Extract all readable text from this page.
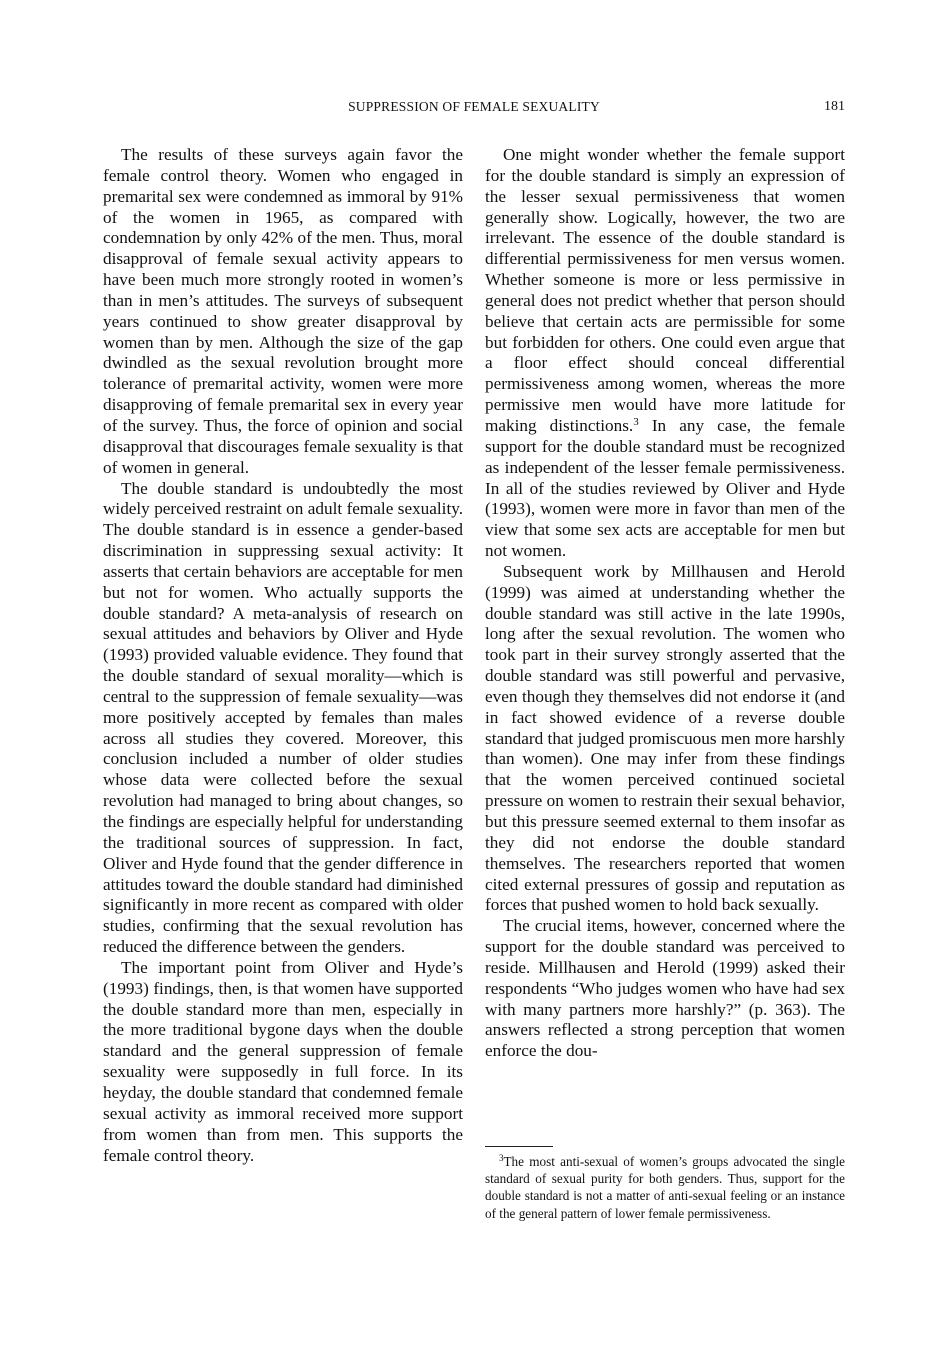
SUPPRESSION OF FEMALE SEXUALITY	181

The results of these surveys again favor the female control theory. Women who engaged in premarital sex were condemned as immoral by 91% of the women in 1965, as compared with condemnation by only 42% of the men. Thus, moral disapproval of female sexual activity appears to have been much more strongly rooted in women’s than in men’s attitudes. The surveys of subsequent years continued to show greater disapproval by women than by men. Although the size of the gap dwindled as the sexual revolution brought more tolerance of premarital activity, women were more disapproving of female premarital sex in every year of the survey. Thus, the force of opinion and social disapproval that discourages female sexuality is that of women in general.

The double standard is undoubtedly the most widely perceived restraint on adult female sexuality. The double standard is in essence a gender-based discrimination in suppressing sexual activity: It asserts that certain behaviors are acceptable for men but not for women. Who actually supports the double standard? A meta-analysis of research on sexual attitudes and behaviors by Oliver and Hyde (1993) provided valuable evidence. They found that the double standard of sexual morality—which is central to the suppression of female sexuality—was more positively accepted by females than males across all studies they covered. Moreover, this conclusion included a number of older studies whose data were collected before the sexual revolution had managed to bring about changes, so the findings are especially helpful for understanding the traditional sources of suppression. In fact, Oliver and Hyde found that the gender difference in attitudes toward the double standard had diminished significantly in more recent as compared with older studies, confirming that the sexual revolution has reduced the difference between the genders.

The important point from Oliver and Hyde’s (1993) findings, then, is that women have supported the double standard more than men, especially in the more traditional bygone days when the double standard and the general suppression of female sexuality were supposedly in full force. In its heyday, the double standard that condemned female sexual activity as immoral received more support from women than from men. This supports the female control theory.

One might wonder whether the female support for the double standard is simply an expression of the lesser sexual permissiveness that women generally show. Logically, however, the two are irrelevant. The essence of the double standard is differential permissiveness for men versus women. Whether someone is more or less permissive in general does not predict whether that person should believe that certain acts are permissible for some but forbidden for others. One could even argue that a floor effect should conceal differential permissiveness among women, whereas the more permissive men would have more latitude for making distinctions.$^3$ In any case, the female support for the double standard must be recognized as independent of the lesser female permissiveness. In all of the studies reviewed by Oliver and Hyde (1993), women were more in favor than men of the view that some sex acts are acceptable for men but not women.

Subsequent work by Millhausen and Herold (1999) was aimed at understanding whether the double standard was still active in the late 1990s, long after the sexual revolution. The women who took part in their survey strongly asserted that the double standard was still powerful and pervasive, even though they themselves did not endorse it (and in fact showed evidence of a reverse double standard that judged promiscuous men more harshly than women). One may infer from these findings that the women perceived continued societal pressure on women to restrain their sexual behavior, but this pressure seemed external to them insofar as they did not endorse the double standard themselves. The researchers reported that women cited external pressures of gossip and reputation as forces that pushed women to hold back sexually.

The crucial items, however, concerned where the support for the double standard was perceived to reside. Millhausen and Herold (1999) asked their respondents “Who judges women who have had sex with many partners more harshly?” (p. 363). The answers reflected a strong perception that women enforce the dou-

$^3$The most anti-sexual of women’s groups advocated the single standard of sexual purity for both genders. Thus, support for the double standard is not a matter of anti-sexual feeling or an instance of the general pattern of lower female permissiveness.
